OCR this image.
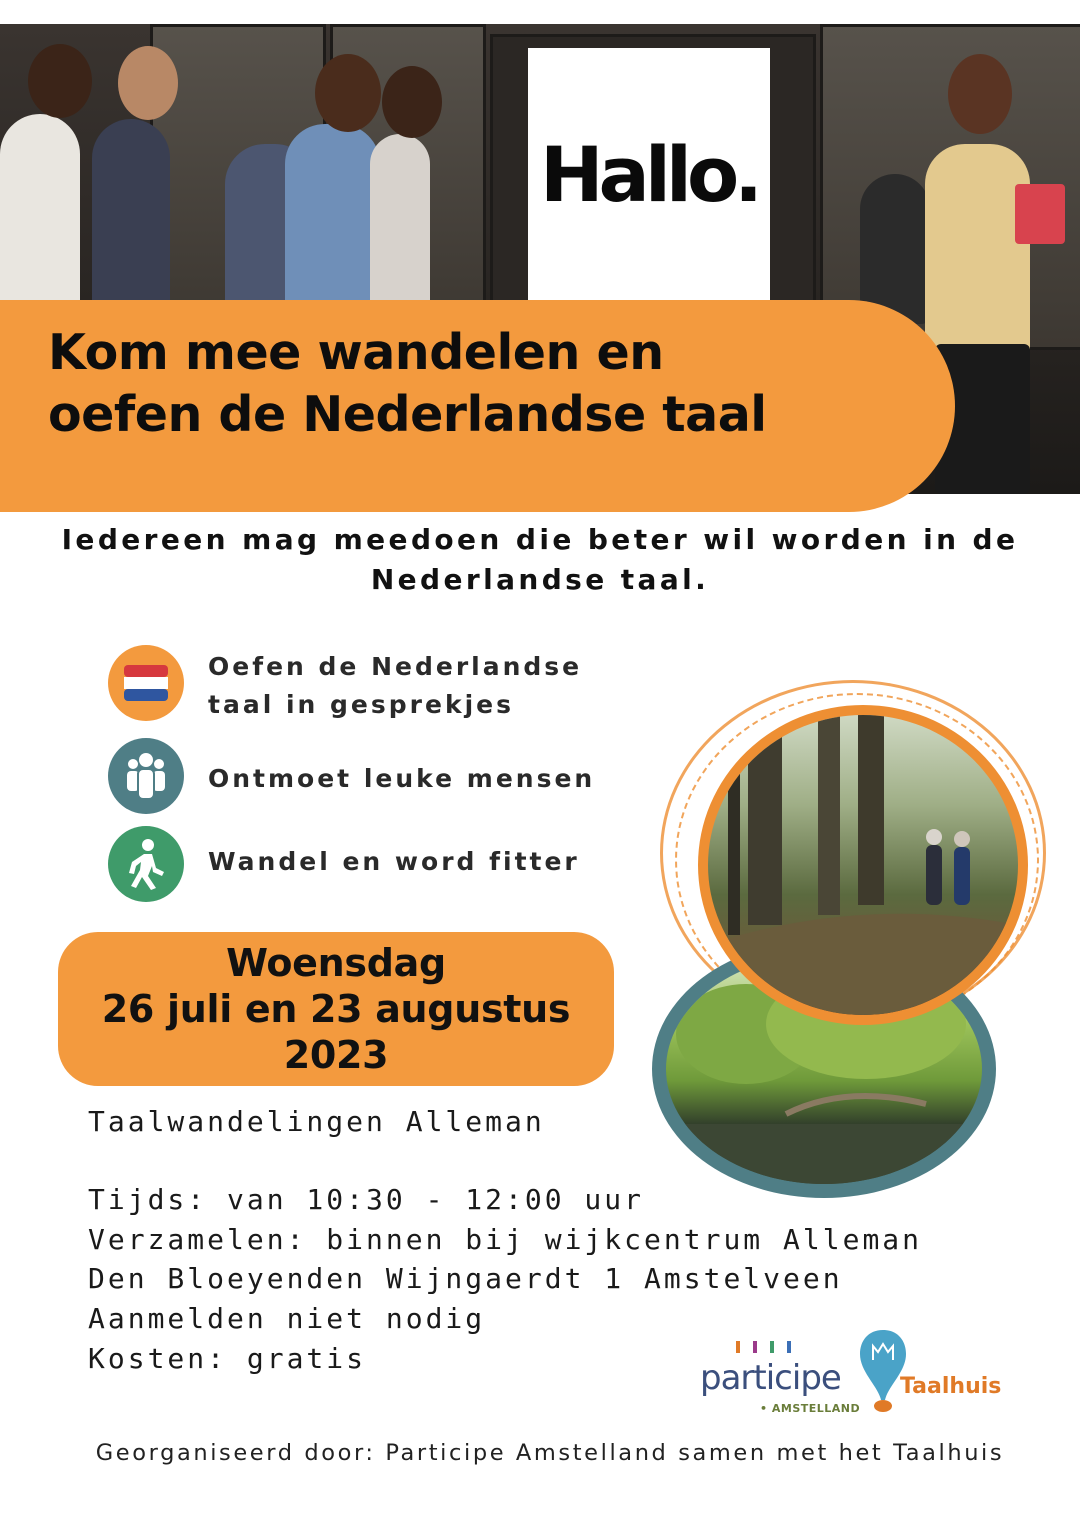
Hallo.
Kom mee wandelen en
oefen de Nederlandse taal
Iedereen mag meedoen die beter wil worden in de
Nederlandse taal.
Oefen de Nederlandse
taal in gesprekjes
Ontmoet leuke mensen
Wandel en word fitter
Woensdag
26 juli en 23 augustus
2023
Taalwandelingen Alleman
Tijds: van 10:30 - 12:00 uur
Verzamelen: binnen bij wijkcentrum Alleman
Den Bloeyenden Wijngaerdt 1 Amstelveen
Aanmelden niet nodig
Kosten: gratis	participe
• AMSTELLAND
Taalhuis
Georganiseerd door: Participe Amstelland samen met het Taalhuis
